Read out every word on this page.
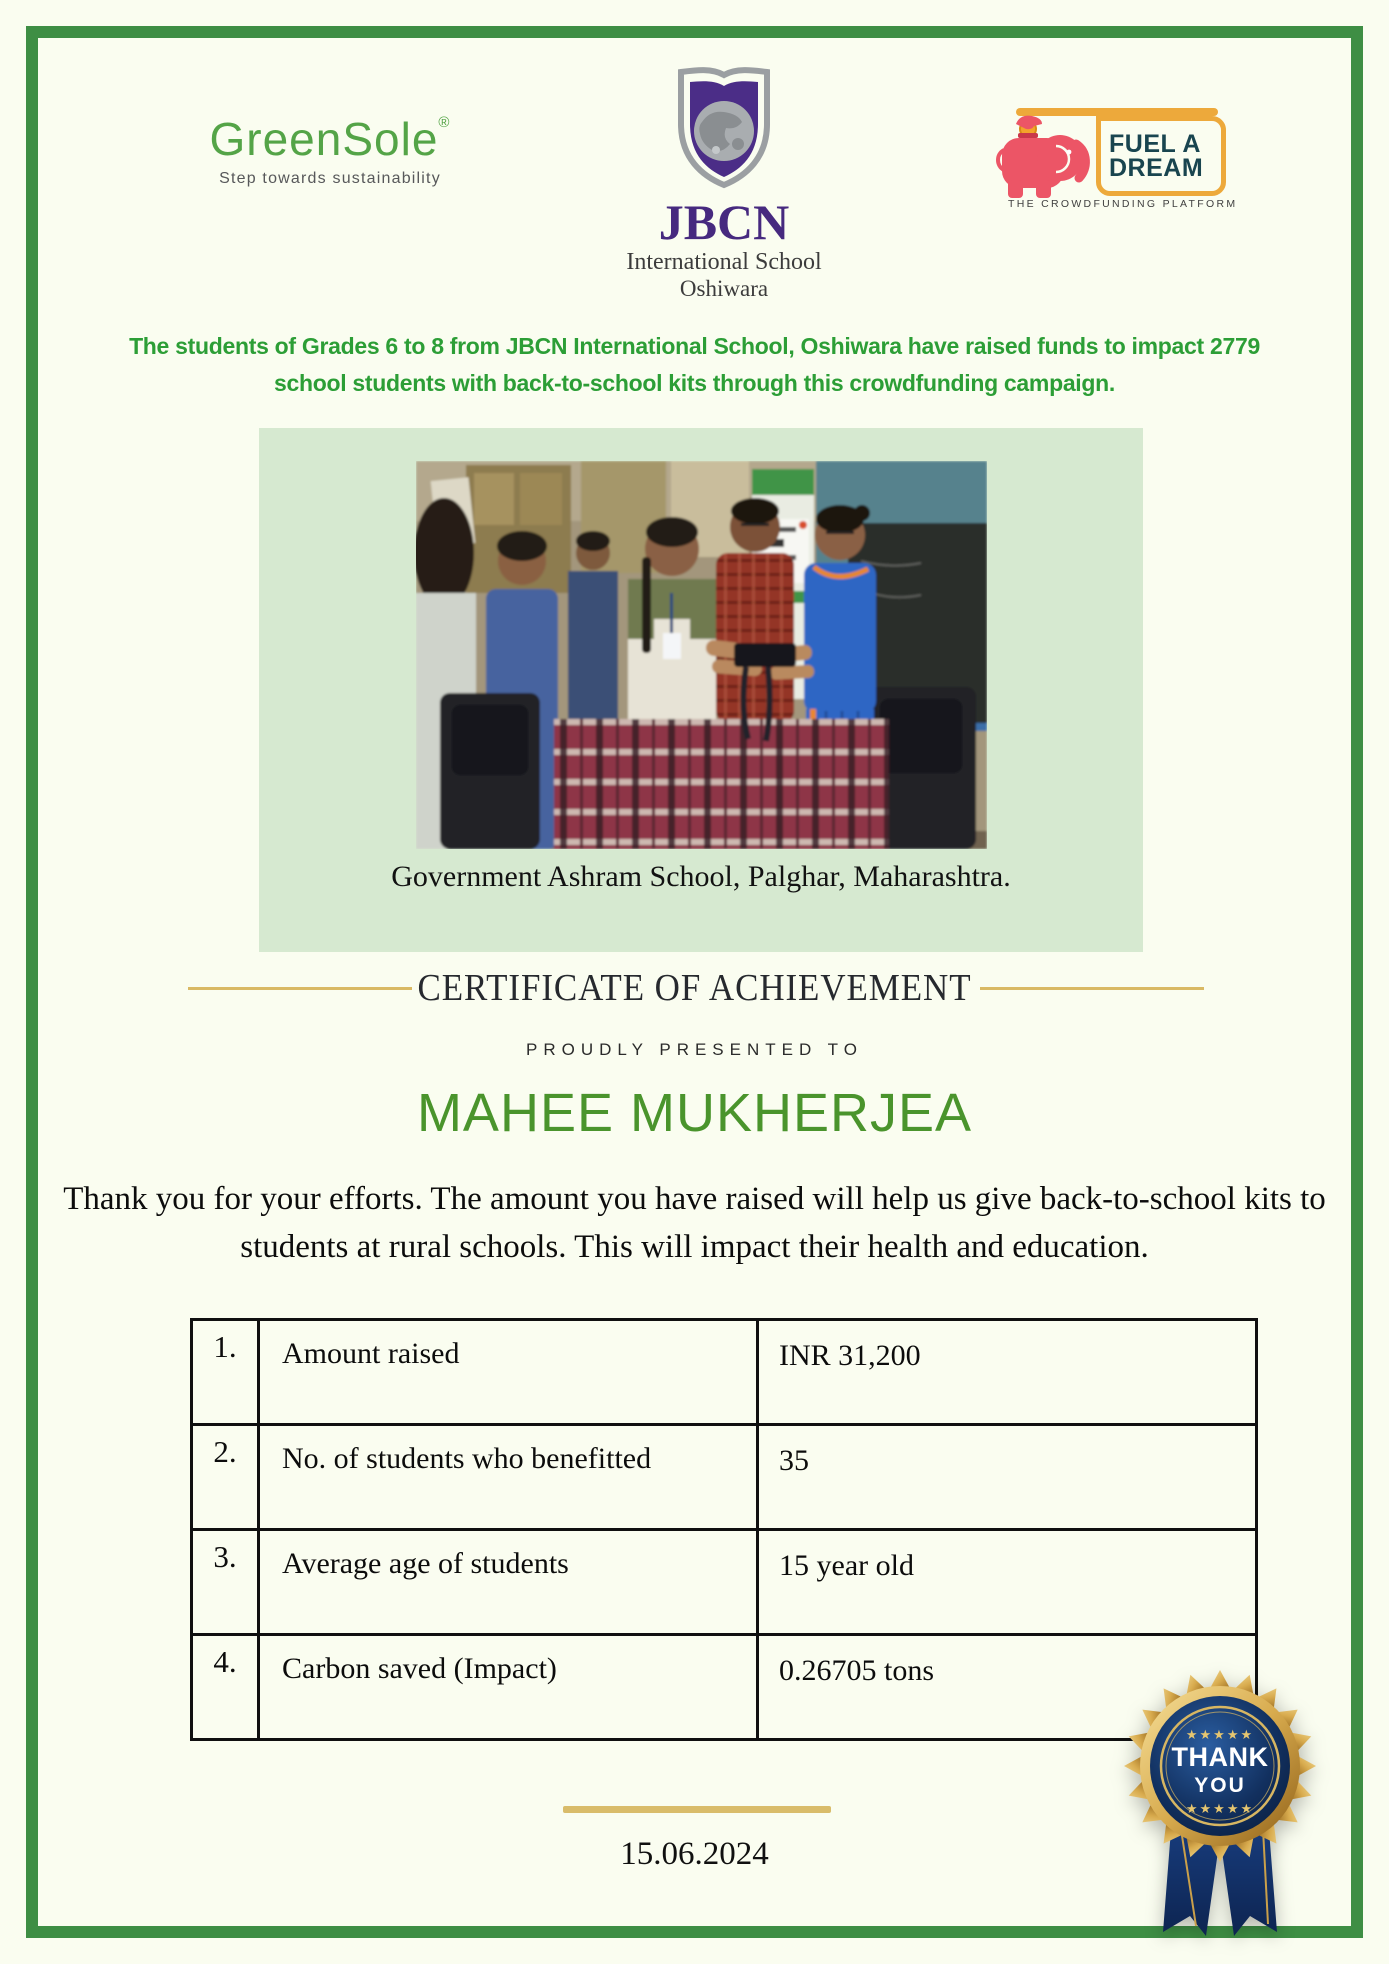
GreenSole®
Step towards sustainability
JBCN
International School
Oshiwara
FUEL A
DREAM
THE CROWDFUNDING PLATFORM

The students of Grades 6 to 8 from JBCN International School, Oshiwara have raised funds to impact 2779 school students with back-to-school kits through this crowdfunding campaign.

Government Ashram School, Palghar, Maharashtra.
CERTIFICATE OF ACHIEVEMENT
PROUDLY PRESENTED TO
MAHEE MUKHERJEA

Thank you for your efforts. The amount you have raised will help us give back-to-school kits to students at rural schools. This will impact their health and education.

1.	Amount raised	INR 31,200
2.	No. of students who benefitted	35
3.	Average age of students	15 year old
4.	Carbon saved (Impact)	0.26705 tons
15.06.2024
★★★★★
THANK
YOU
★★★★★
